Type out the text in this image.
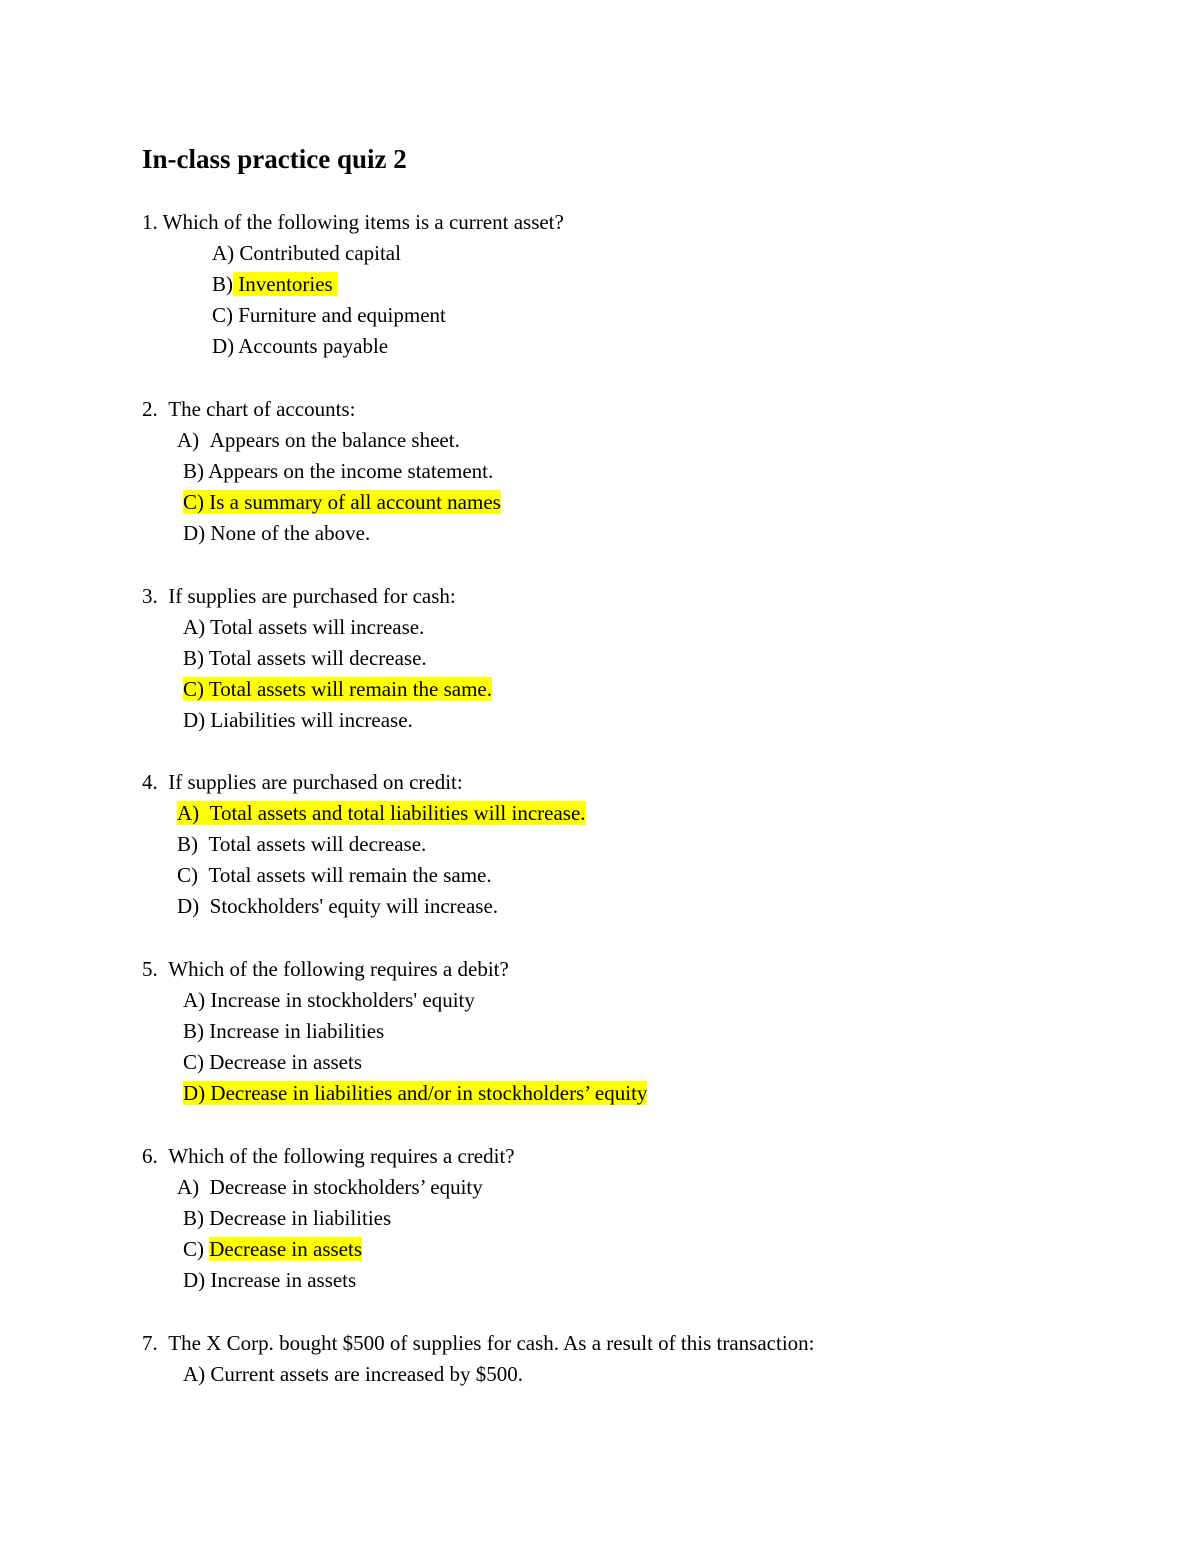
In-class practice quiz 2
1. Which of the following items is a current asset?
A) Contributed capital
B) Inventories
C) Furniture and equipment
D) Accounts payable
2. The chart of accounts:
A) Appears on the balance sheet.
B) Appears on the income statement.
C) Is a summary of all account names
D) None of the above.
3. If supplies are purchased for cash:
A) Total assets will increase.
B) Total assets will decrease.
C) Total assets will remain the same.
D) Liabilities will increase.
4. If supplies are purchased on credit:
A) Total assets and total liabilities will increase.
B) Total assets will decrease.
C) Total assets will remain the same.
D) Stockholders' equity will increase.
5. Which of the following requires a debit?
A) Increase in stockholders' equity
B) Increase in liabilities
C) Decrease in assets
D) Decrease in liabilities and/or in stockholders’ equity
6. Which of the following requires a credit?
A) Decrease in stockholders’ equity
B) Decrease in liabilities
C) Decrease in assets
D) Increase in assets
7. The X Corp. bought $500 of supplies for cash. As a result of this transaction:
A) Current assets are increased by $500.
